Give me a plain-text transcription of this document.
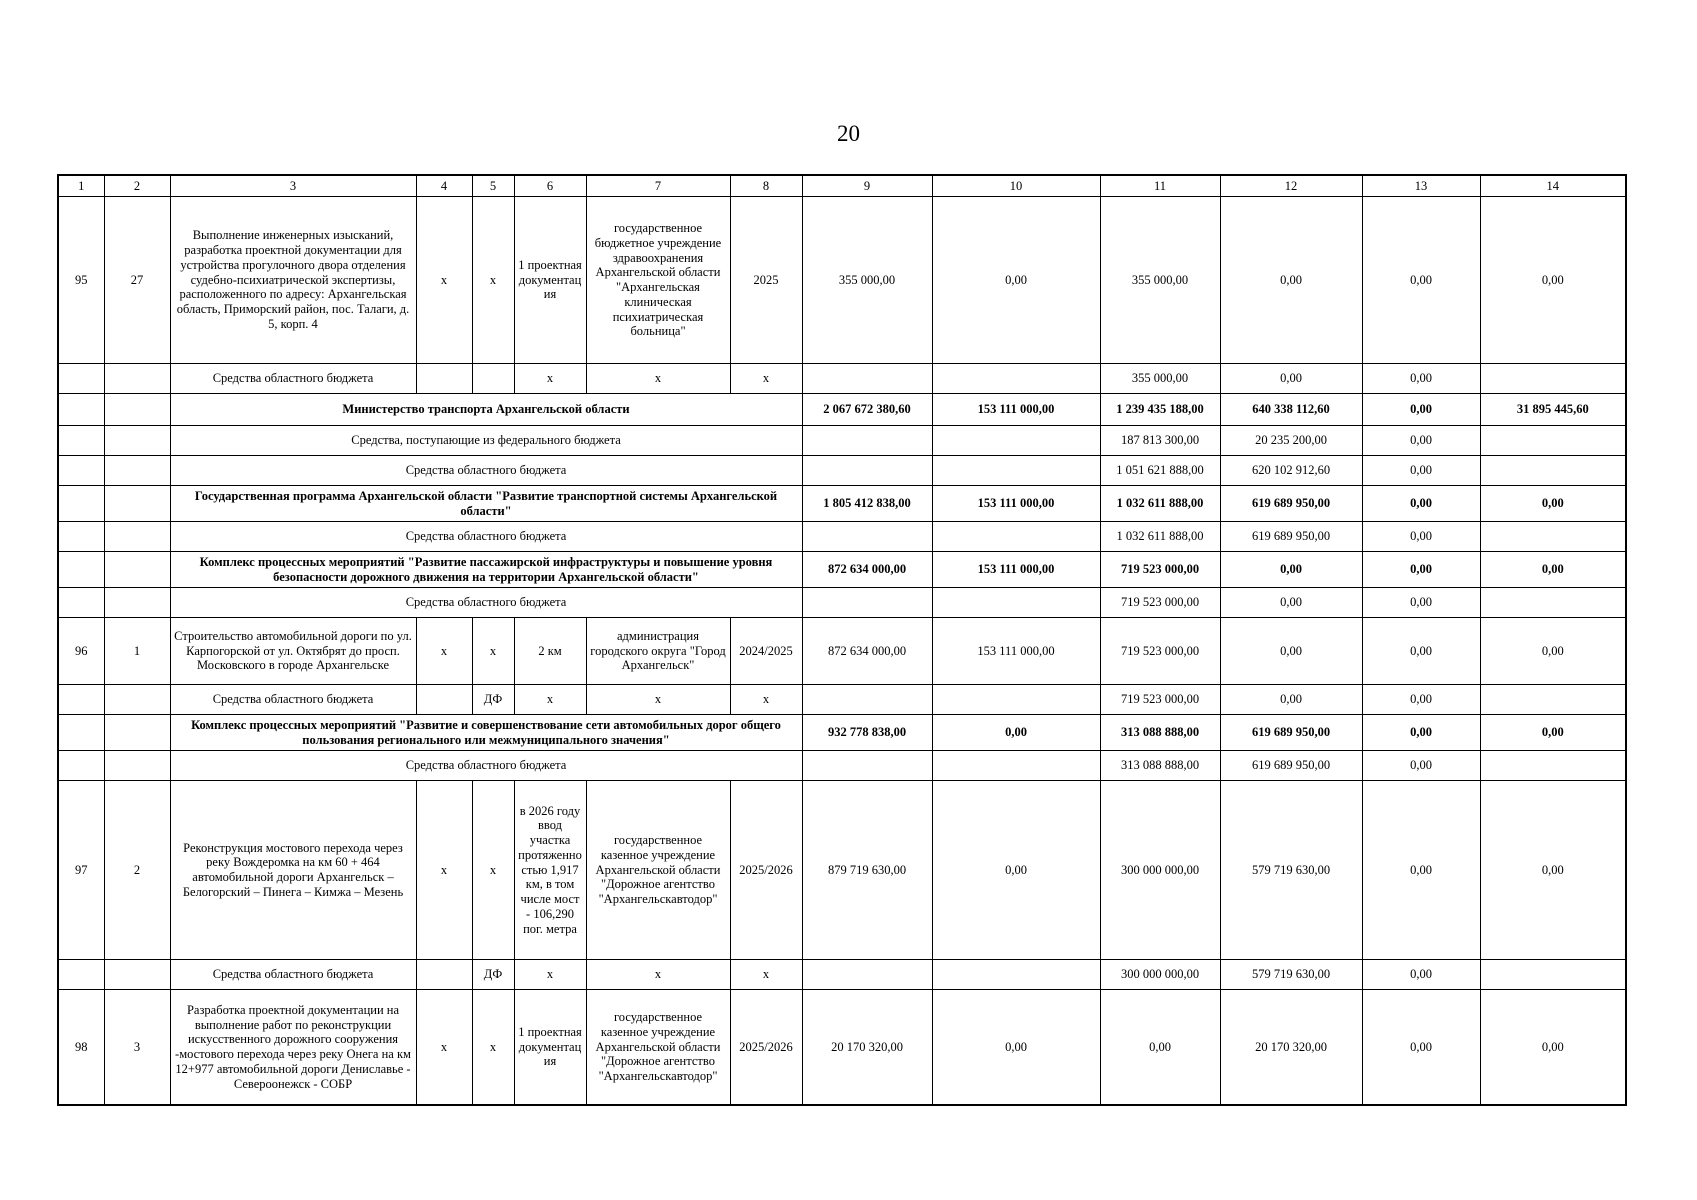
20
1	2	3	4	5	6	7	8	9	10	11	12	13	14
95	27	Выполнение инженерных изысканий, разработка проектной документации для устройства прогулочного двора отделения судебно-психиатрической экспертизы, расположенного по адресу: Архангельская область, Приморский район, пос. Талаги, д. 5, корп. 4	х	х	1 проектная документация	государственное бюджетное учреждение здравоохранения Архангельской области "Архангельская клиническая психиатрическая больница"	2025	355 000,00	0,00	355 000,00	0,00	0,00	0,00
		Средства областного бюджета			х	х	х			355 000,00	0,00	0,00	
		Министерство транспорта Архангельской области						2 067 672 380,60	153 111 000,00	1 239 435 188,00	640 338 112,60	0,00	31 895 445,60
		Средства, поступающие из федерального бюджета								187 813 300,00	20 235 200,00	0,00	
		Средства областного бюджета								1 051 621 888,00	620 102 912,60	0,00	
		Государственная программа Архангельской области "Развитие транспортной системы Архангельской области"						1 805 412 838,00	153 111 000,00	1 032 611 888,00	619 689 950,00	0,00	0,00
		Средства областного бюджета								1 032 611 888,00	619 689 950,00	0,00	
		Комплекс процессных мероприятий "Развитие пассажирской инфраструктуры и повышение уровня безопасности дорожного движения на территории Архангельской области"						872 634 000,00	153 111 000,00	719 523 000,00	0,00	0,00	0,00
		Средства областного бюджета								719 523 000,00	0,00	0,00	
96	1	Строительство автомобильной дороги по ул. Карпогорской от ул. Октябрят до просп. Московского в городе Архангельске	х	х	2 км	администрация городского округа "Город Архангельск"	2024/2025	872 634 000,00	153 111 000,00	719 523 000,00	0,00	0,00	0,00
		Средства областного бюджета		ДФ	х	х	х			719 523 000,00	0,00	0,00	
		Комплекс процессных мероприятий "Развитие и совершенствование сети автомобильных дорог общего пользования регионального или межмуниципального значения"						932 778 838,00	0,00	313 088 888,00	619 689 950,00	0,00	0,00
		Средства областного бюджета								313 088 888,00	619 689 950,00	0,00	
97	2	Реконструкция мостового перехода через реку Вождеромка на км 60 + 464 автомобильной дороги Архангельск – Белогорский – Пинега – Кимжа – Мезень	х	х	в 2026 году ввод участка протяженностью 1,917 км, в том числе мост - 106,290 пог. метра	государственное казенное учреждение Архангельской области "Дорожное агентство "Архангельскавтодор"	2025/2026	879 719 630,00	0,00	300 000 000,00	579 719 630,00	0,00	0,00
		Средства областного бюджета		ДФ	х	х	х			300 000 000,00	579 719 630,00	0,00	
98	3	Разработка проектной документации на выполнение работ по реконструкции искусственного дорожного сооружения -мостового перехода через реку Онега на км 12+977 автомобильной дороги Дениславье - Североонежск - СОБР	х	х	1 проектная документация	государственное казенное учреждение Архангельской области "Дорожное агентство "Архангельскавтодор"	2025/2026	20 170 320,00	0,00	0,00	20 170 320,00	0,00	0,00
